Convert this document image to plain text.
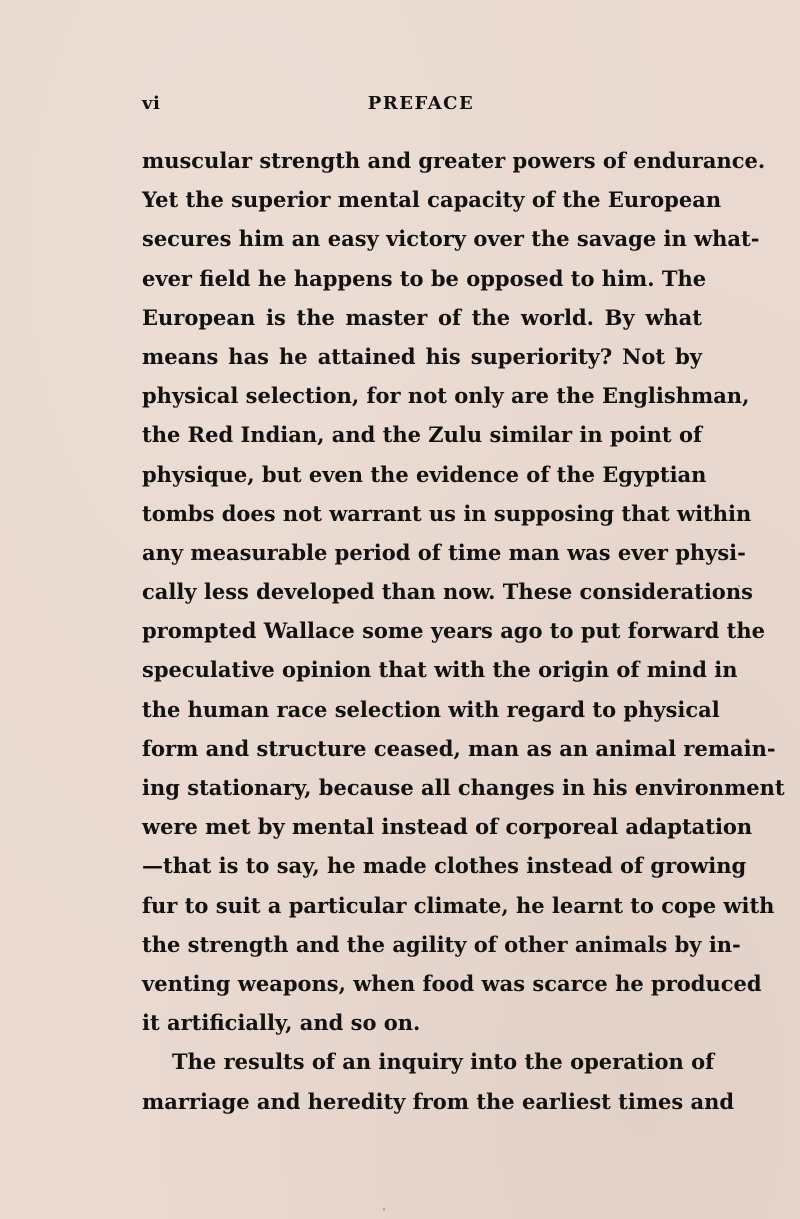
vi	PREFACE
muscular strength and greater powers of endurance.
Yet the superior mental capacity of the European
secures him an easy victory over the savage in what-
ever field he happens to be opposed to him. The
European is the master of the world. By what
means has he attained his superiority? Not by
physical selection, for not only are the Englishman,
the Red Indian, and the Zulu similar in point of
physique, but even the evidence of the Egyptian
tombs does not warrant us in supposing that within
any measurable period of time man was ever physi-
cally less developed than now. These considerations
prompted Wallace some years ago to put forward the
speculative opinion that with the origin of mind in
the human race selection with regard to physical
form and structure ceased, man as an animal remain-
ing stationary, because all changes in his environment
were met by mental instead of corporeal adaptation
—that is to say, he made clothes instead of growing
fur to suit a particular climate, he learnt to cope with
the strength and the agility of other animals by in-
venting weapons, when food was scarce he produced
it artificially, and so on.
The results of an inquiry into the operation of
marriage and heredity from the earliest times and
